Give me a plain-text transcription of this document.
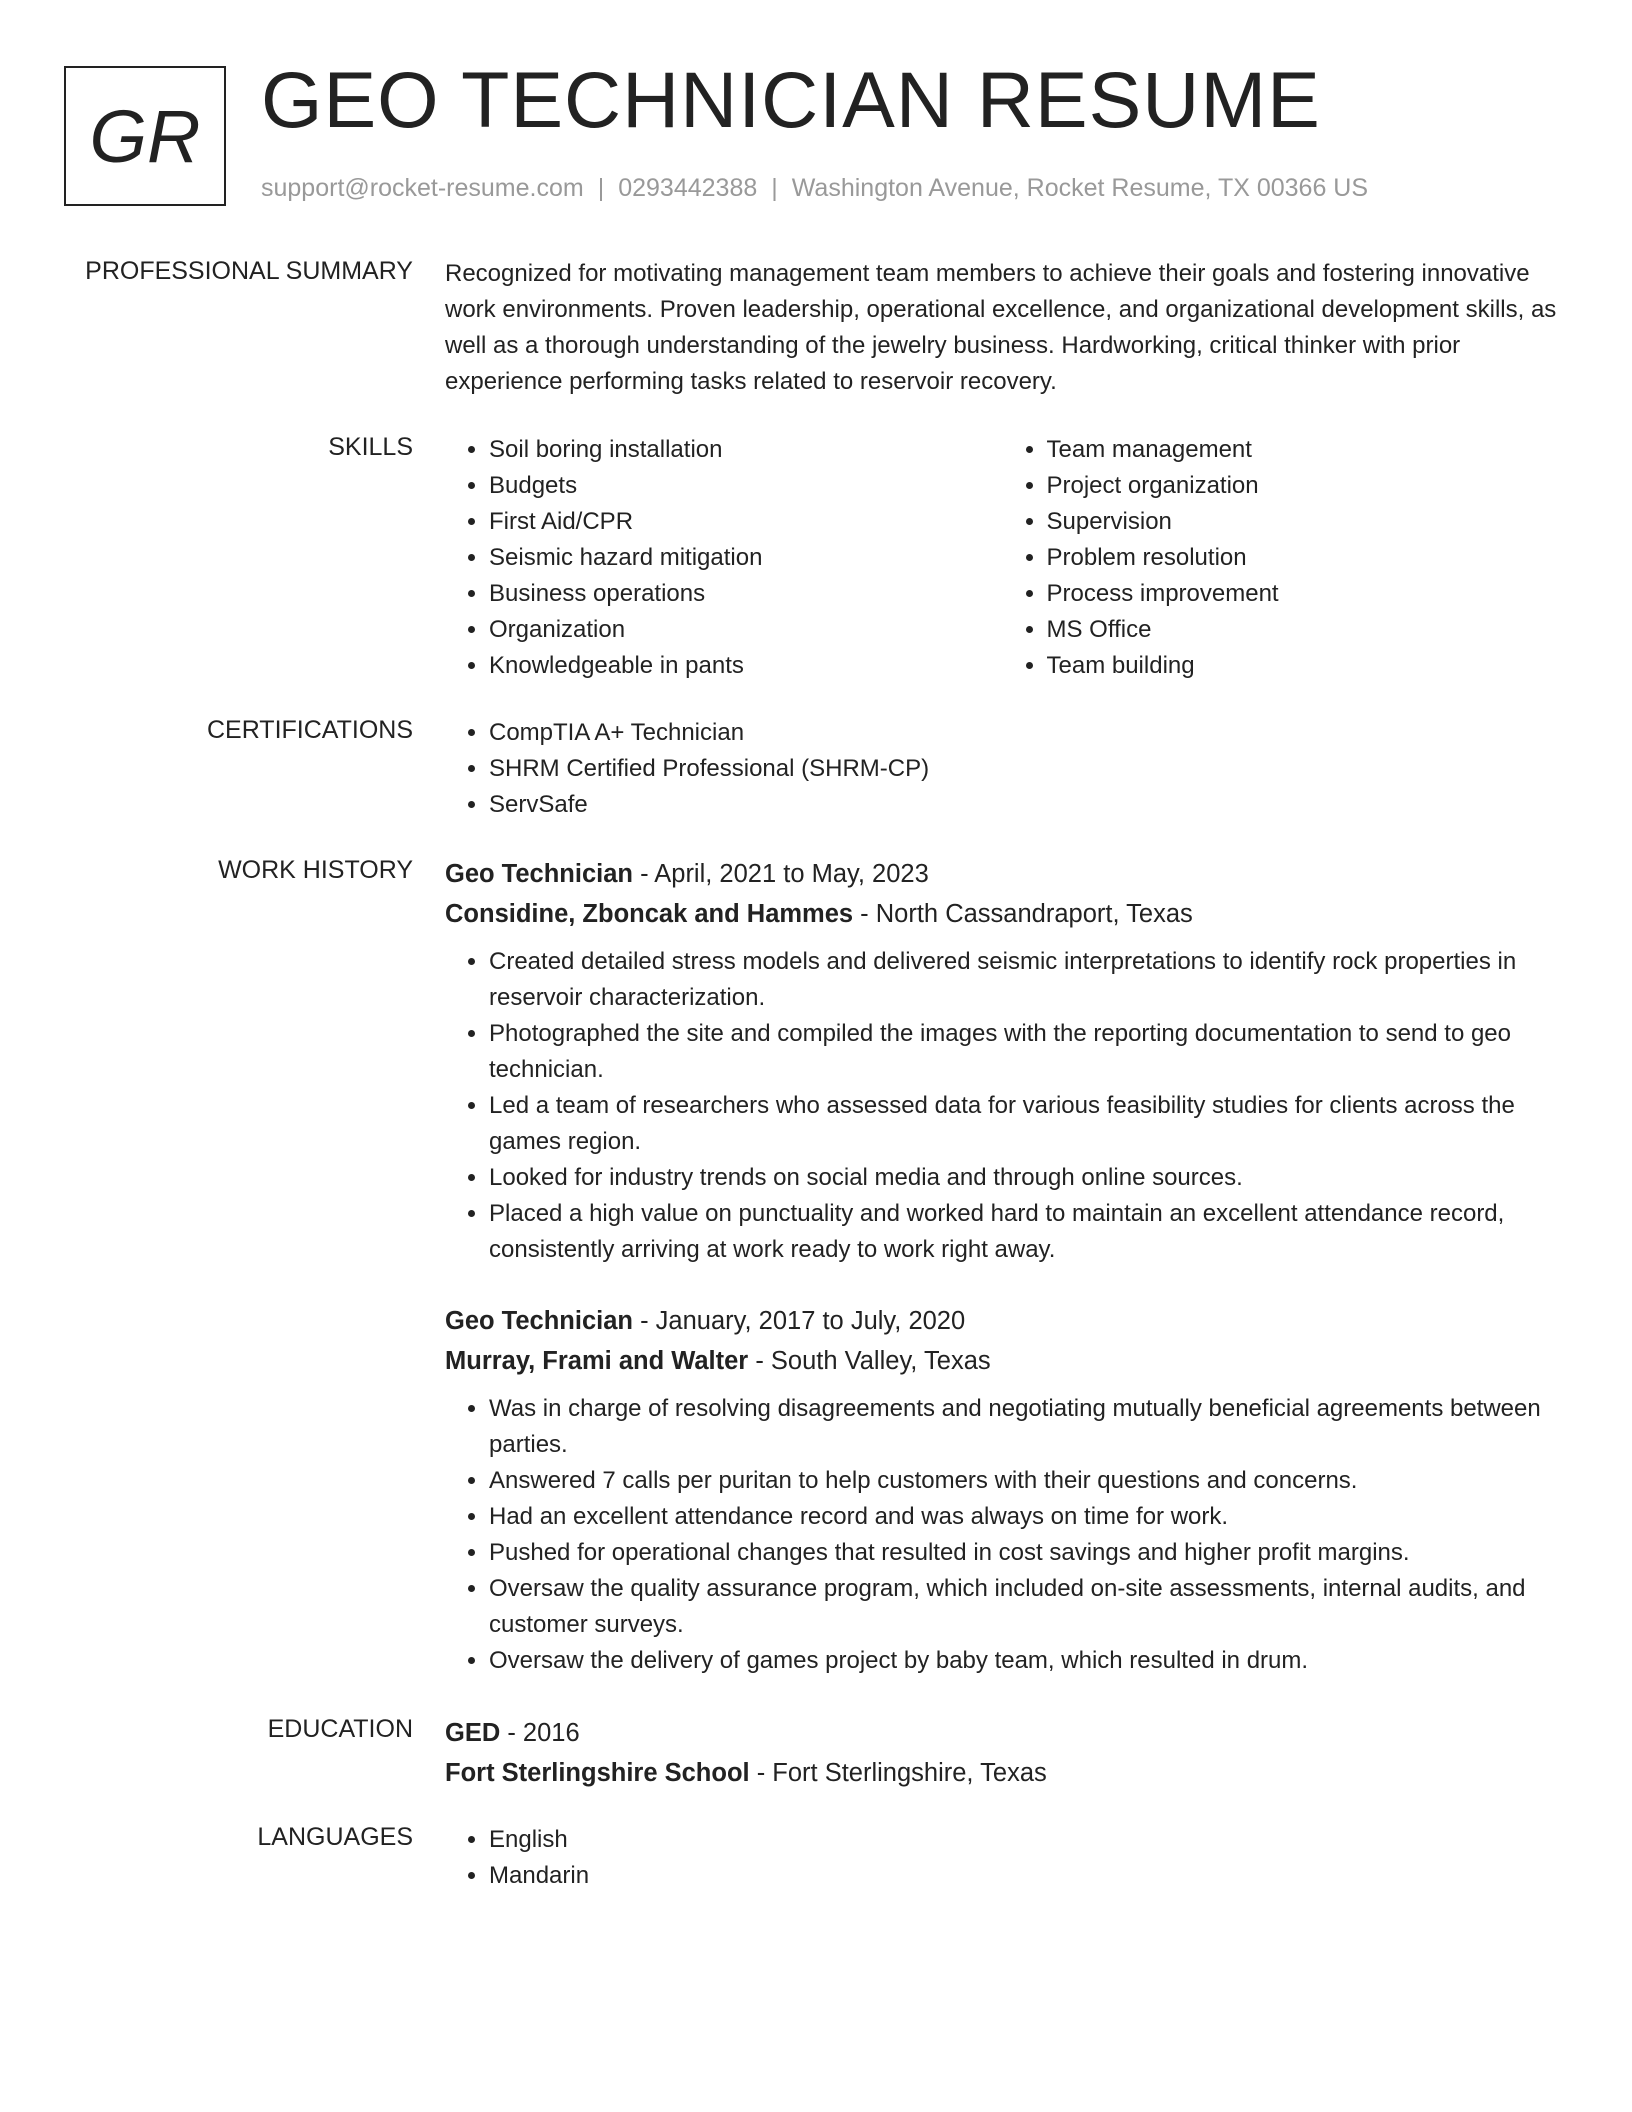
GR GEO TECHNICIAN RESUME
support@rocket-resume.com | 0293442388 | Washington Avenue, Rocket Resume, TX 00366 US
PROFESSIONAL SUMMARY Recognized for motivating management team members to achieve their goals and fostering innovative work environments. Proven leadership, operational excellence, and organizational development skills, as well as a thorough understanding of the jewelry business. Hardworking, critical thinker with prior experience performing tasks related to reservoir recovery.

SKILLS	• Soil boring installation
• Budgets
• First Aid/CPR
• Seismic hazard mitigation
• Business operations
• Organization
• Knowledgeable in pants
• Team management
• Project organization
• Supervision
• Problem resolution
• Process improvement
• MS Office
• Team building
CERTIFICATIONS	• CompTIA A+ Technician
• SHRM Certified Professional (SHRM-CP)
• ServSafe
WORK HISTORY Geo Technician - April, 2021 to May, 2023

Considine, Zboncak and Hammes - North Cassandraport, Texas

• Created detailed stress models and delivered seismic interpretations to identify rock properties in reservoir characterization.
• Photographed the site and compiled the images with the reporting documentation to send to geo technician.
• Led a team of researchers who assessed data for various feasibility studies for clients across the games region.
• Looked for industry trends on social media and through online sources.
• Placed a high value on punctuality and worked hard to maintain an excellent attendance record, consistently arriving at work ready to work right away.

Geo Technician - January, 2017 to July, 2020

Murray, Frami and Walter - South Valley, Texas

• Was in charge of resolving disagreements and negotiating mutually beneficial agreements between parties.
• Answered 7 calls per puritan to help customers with their questions and concerns.
• Had an excellent attendance record and was always on time for work.
• Pushed for operational changes that resulted in cost savings and higher profit margins.
• Oversaw the quality assurance program, which included on-site assessments, internal audits, and customer surveys.
• Oversaw the delivery of games project by baby team, which resulted in drum.
EDUCATION GED - 2016

Fort Sterlingshire School - Fort Sterlingshire, Texas

LANGUAGES	• English
• Mandarin
